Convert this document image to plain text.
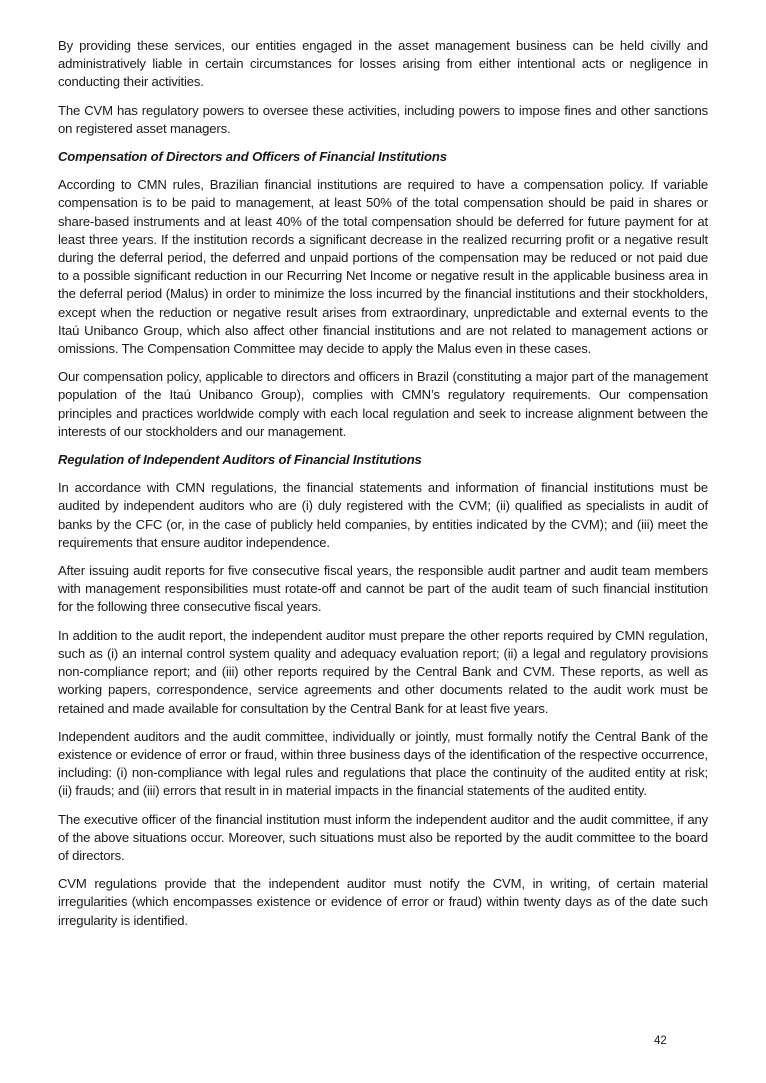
By providing these services, our entities engaged in the asset management business can be held civilly and administratively liable in certain circumstances for losses arising from either intentional acts or negligence in conducting their activities.

The CVM has regulatory powers to oversee these activities, including powers to impose fines and other sanctions on registered asset managers.

Compensation of Directors and Officers of Financial Institutions

According to CMN rules, Brazilian financial institutions are required to have a compensation policy. If variable compensation is to be paid to management, at least 50% of the total compensation should be paid in shares or share-based instruments and at least 40% of the total compensation should be deferred for future payment for at least three years. If the institution records a significant decrease in the realized recurring profit or a negative result during the deferral period, the deferred and unpaid portions of the compensation may be reduced or not paid due to a possible significant reduction in our Recurring Net Income or negative result in the applicable business area in the deferral period (Malus) in order to minimize the loss incurred by the financial institutions and their stockholders, except when the reduction or negative result arises from extraordinary, unpredictable and external events to the Itaú Unibanco Group, which also affect other financial institutions and are not related to management actions or omissions. The Compensation Committee may decide to apply the Malus even in these cases.

Our compensation policy, applicable to directors and officers in Brazil (constituting a major part of the management population of the Itaú Unibanco Group), complies with CMN’s regulatory requirements. Our compensation principles and practices worldwide comply with each local regulation and seek to increase alignment between the interests of our stockholders and our management.

Regulation of Independent Auditors of Financial Institutions

In accordance with CMN regulations, the financial statements and information of financial institutions must be audited by independent auditors who are (i) duly registered with the CVM; (ii) qualified as specialists in audit of banks by the CFC (or, in the case of publicly held companies, by entities indicated by the CVM); and (iii) meet the requirements that ensure auditor independence.

After issuing audit reports for five consecutive fiscal years, the responsible audit partner and audit team members with management responsibilities must rotate-off and cannot be part of the audit team of such financial institution for the following three consecutive fiscal years.

In addition to the audit report, the independent auditor must prepare the other reports required by CMN regulation, such as (i) an internal control system quality and adequacy evaluation report; (ii) a legal and regulatory provisions non-compliance report; and (iii) other reports required by the Central Bank and CVM. These reports, as well as working papers, correspondence, service agreements and other documents related to the audit work must be retained and made available for consultation by the Central Bank for at least five years.

Independent auditors and the audit committee, individually or jointly, must formally notify the Central Bank of the existence or evidence of error or fraud, within three business days of the identification of the respective occurrence, including: (i) non-compliance with legal rules and regulations that place the continuity of the audited entity at risk; (ii) frauds; and (iii) errors that result in in material impacts in the financial statements of the audited entity.

The executive officer of the financial institution must inform the independent auditor and the audit committee, if any of the above situations occur. Moreover, such situations must also be reported by the audit committee to the board of directors.

CVM regulations provide that the independent auditor must notify the CVM, in writing, of certain material irregularities (which encompasses existence or evidence of error or fraud) within twenty days as of the date such irregularity is identified.

42
